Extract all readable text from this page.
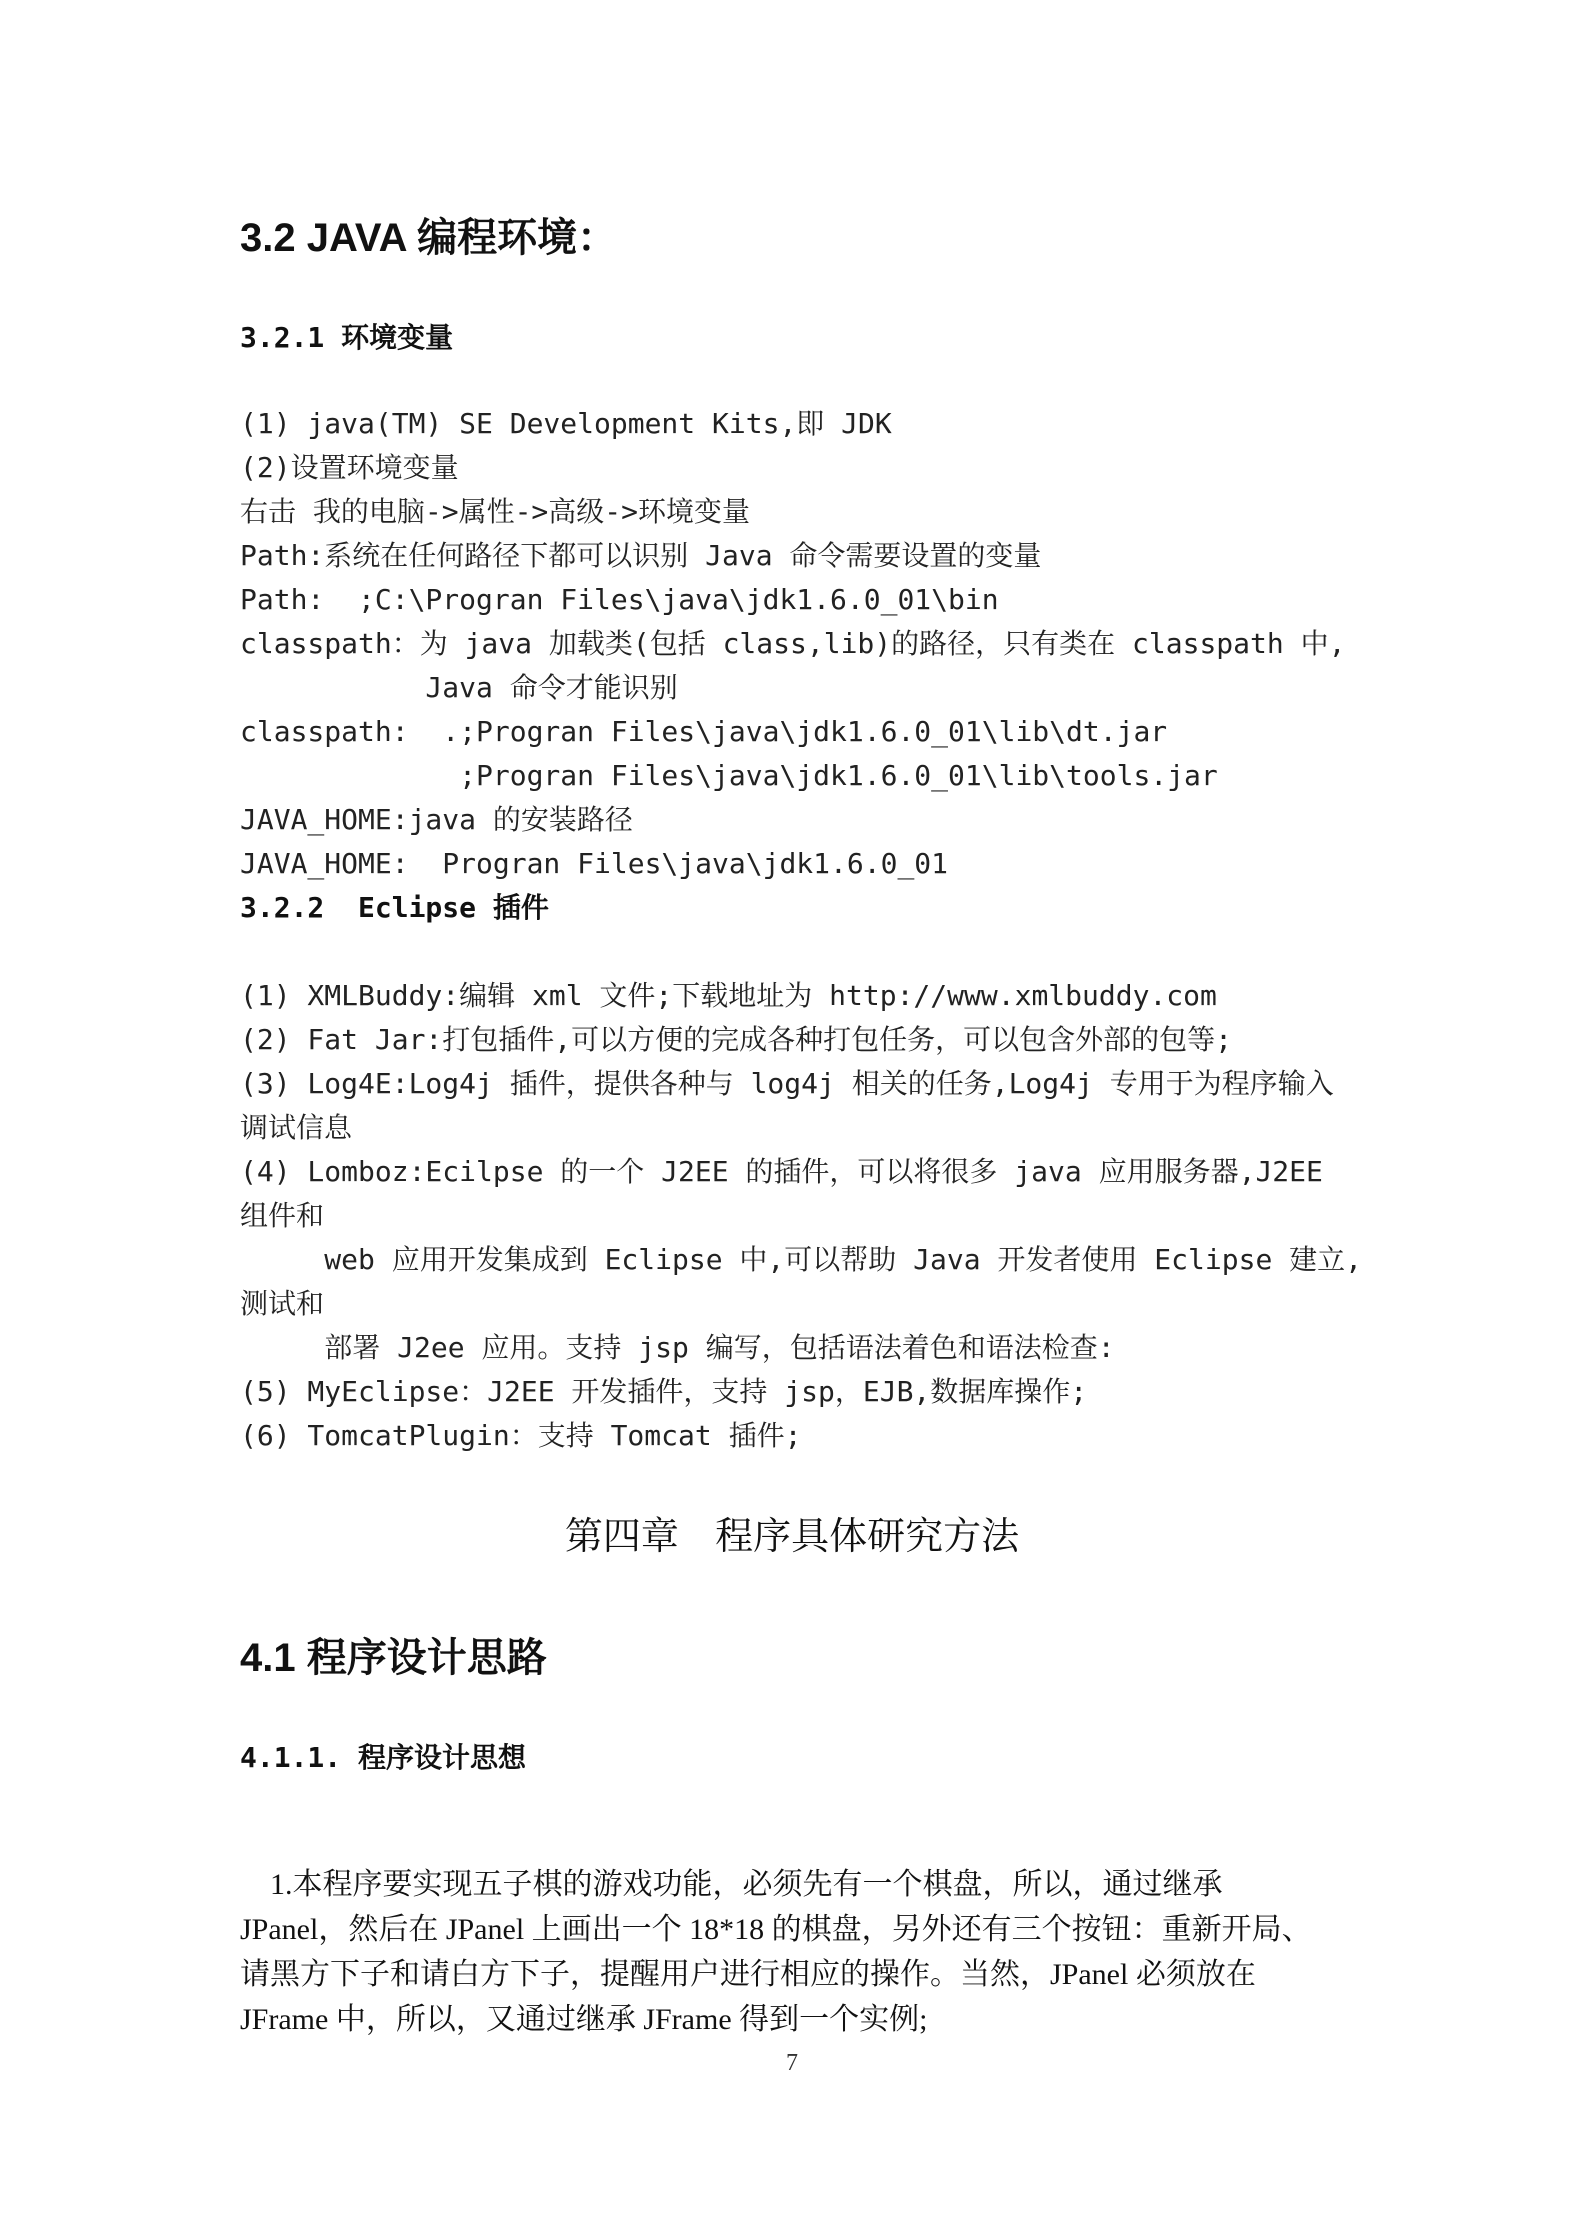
3.2 JAVA 编程环境：
3.2.1 环境变量
(1) java(TM) SE Development Kits,即 JDK
(2)设置环境变量
右击 我的电脑->属性->高级->环境变量
Path:系统在任何路径下都可以识别 Java 命令需要设置的变量
Path:  ;C:\Progran Files\java\jdk1.6.0_01\bin
classpath：为 java 加载类(包括 class,lib)的路径，只有类在 classpath 中,
Java 命令才能识别
classpath:  .;Progran Files\java\jdk1.6.0_01\lib\dt.jar
;Progran Files\java\jdk1.6.0_01\lib\tools.jar
JAVA_HOME:java 的安装路径
JAVA_HOME:  Progran Files\java\jdk1.6.0_01
3.2.2  Eclipse 插件
(1) XMLBuddy:编辑 xml 文件;下载地址为 http://www.xmlbuddy.com
(2) Fat Jar:打包插件,可以方便的完成各种打包任务，可以包含外部的包等;
(3) Log4E:Log4j 插件，提供各种与 log4j 相关的任务,Log4j 专用于为程序输入
调试信息
(4) Lomboz:Ecilpse 的一个 J2EE 的插件，可以将很多 java 应用服务器,J2EE
组件和
web 应用开发集成到 Eclipse 中,可以帮助 Java 开发者使用 Eclipse 建立,
测试和
部署 J2ee 应用。支持 jsp 编写，包括语法着色和语法检查:
(5) MyEclipse：J2EE 开发插件，支持 jsp，EJB,数据库操作;
(6) TomcatPlugin：支持 Tomcat 插件;
第四章   程序具体研究方法
4.1 程序设计思路
4.1.1. 程序设计思想

1.本程序要实现五子棋的游戏功能，必须先有一个棋盘，所以，通过继承

JPanel，然后在 JPanel 上画出一个 18*18 的棋盘，另外还有三个按钮：重新开局、

请黑方下子和请白方下子，提醒用户进行相应的操作。当然，JPanel 必须放在

JFrame 中，所以，又通过继承 JFrame 得到一个实例;

7
